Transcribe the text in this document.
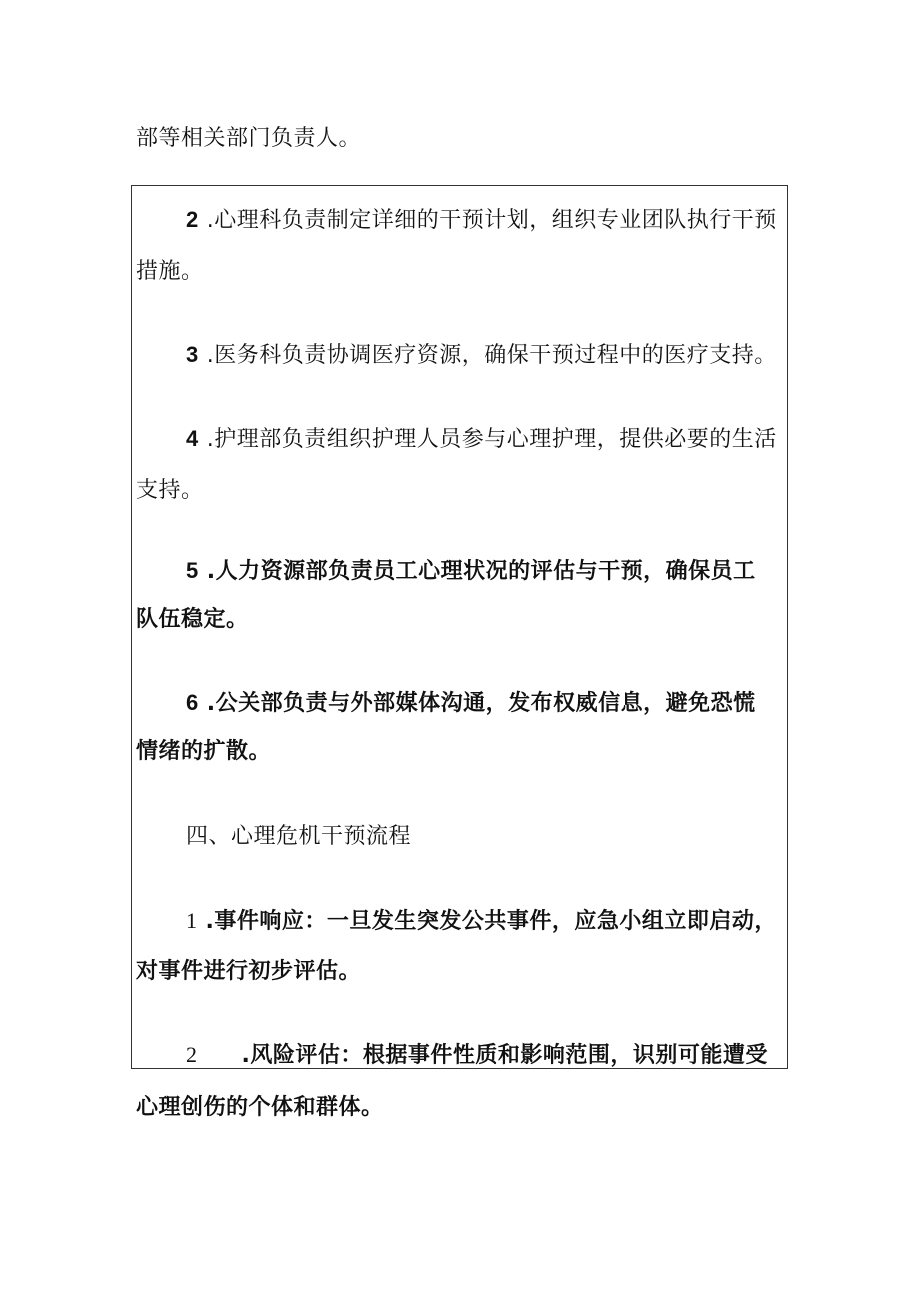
部等相关部门负责人。
2 .心理科负责制定详细的干预计划，组织专业团队执行干预
措施。
3 .医务科负责协调医疗资源，确保干预过程中的医疗支持。
4 .护理部负责组织护理人员参与心理护理，提供必要的生活
支持。
5 .人力资源部负责员工心理状况的评估与干预，确保员工
队伍稳定。
6 .公关部负责与外部媒体沟通，发布权威信息，避免恐慌
情绪的扩散。
四、心理危机干预流程
1 .事件响应：一旦发生突发公共事件，应急小组立即启动，
对事件进行初步评估。
2 .风险评估：根据事件性质和影响范围，识别可能遭受
心理创伤的个体和群体。
